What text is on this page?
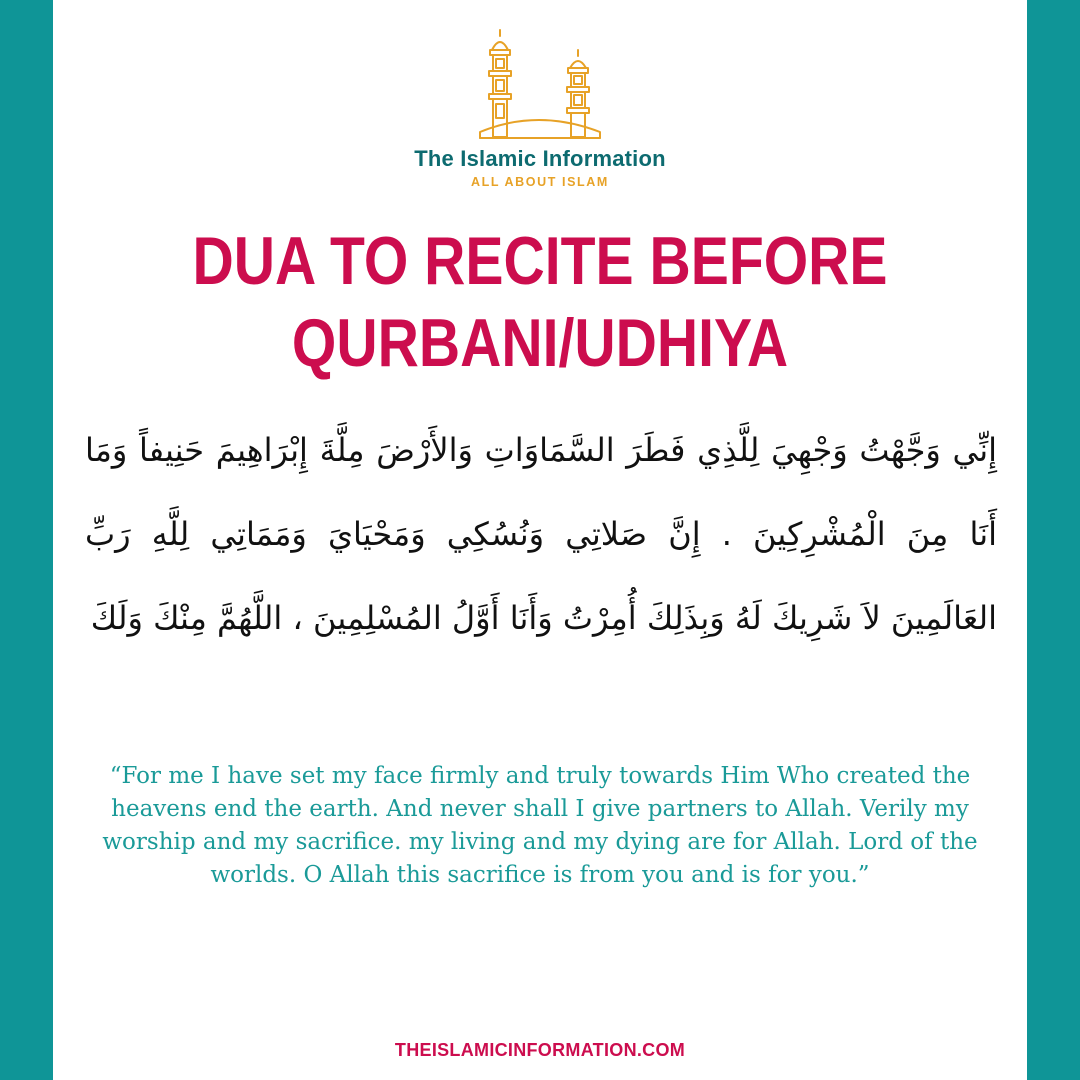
The Islamic Information
ALL ABOUT ISLAM
DUA TO RECITE BEFORE
QURBANI/UDHIYA

إِنِّي وَجَّهْتُ وَجْهِيَ لِلَّذِي فَطَرَ السَّمَاوَاتِ وَالأَرْضَ مِلَّةَ إِبْرَاهِيمَ حَنِيفاً وَمَا أَنَا مِنَ الْمُشْرِكِينَ . إِنَّ صَلاتِي وَنُسُكِي وَمَحْيَايَ وَمَمَاتِي لِلَّهِ رَبِّ العَالَمِينَ لاَ شَرِيكَ لَهُ وَبِذَلِكَ أُمِرْتُ وَأَنَا أَوَّلُ المُسْلِمِينَ ، اللَّهُمَّ مِنْكَ وَلَكَ

“For me I have set my face firmly and truly towards Him Who created the heavens end the earth. And never shall I give partners to Allah. Verily my worship and my sacrifice. my living and my dying are for Allah. Lord of the worlds. O Allah this sacrifice is from you and is for you.”

THEISLAMICINFORMATION.COM
